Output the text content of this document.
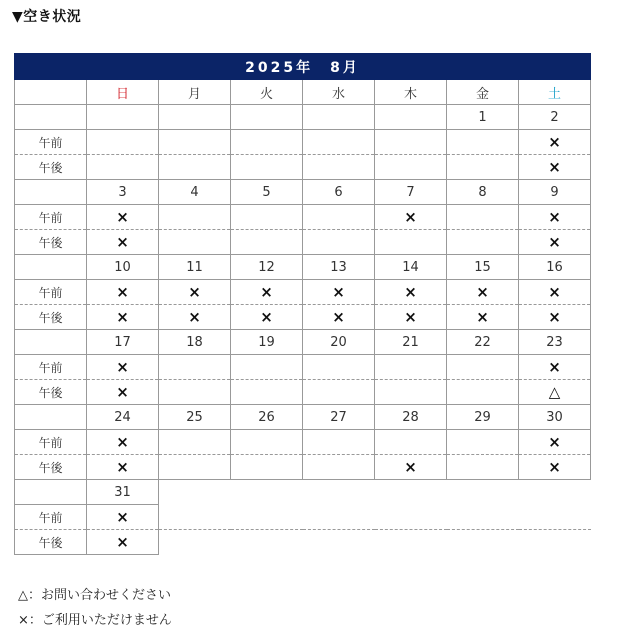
▼空き状況
2025年　8月							
	日	月	火	水	木	金	土
						1	2
午前							×
午後							×
	3	4	5	6	7	8	9
午前	×				×		×
午後	×						×
	10	11	12	13	14	15	16
午前	×	×	×	×	×	×	×
午後	×	×	×	×	×	×	×
	17	18	19	20	21	22	23
午前	×						×
午後	×						△
	24	25	26	27	28	29	30
午前	×						×
午後	×				×		×
	31						
午前	×						
午後	×						
△：お問い合わせください
×：ご利用いただけません
